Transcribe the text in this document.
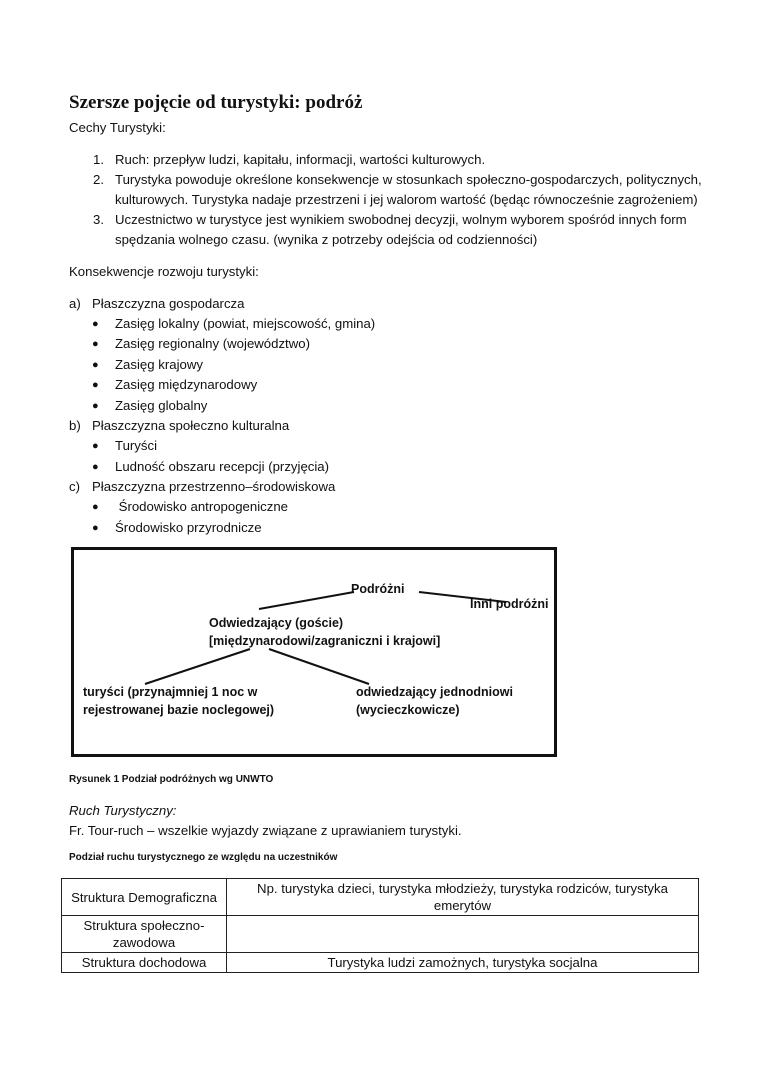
Szersze pojęcie od turystyki: podróż
Cechy Turystyki:
1. Ruch: przepływ ludzi, kapitału, informacji, wartości kulturowych.
2. Turystyka powoduje określone konsekwencje w stosunkach społeczno-gospodarczych, politycznych,
kulturowych. Turystyka nadaje przestrzeni i jej walorom wartość (będąc równocześnie zagrożeniem)
3. Uczestnictwo w turystyce jest wynikiem swobodnej decyzji, wolnym wyborem spośród innych form
spędzania wolnego czasu. (wynika z potrzeby odejścia od codzienności)
Konsekwencje rozwoju turystyki:
a) Płaszczyzna gospodarcza
● Zasięg lokalny (powiat, miejscowość, gmina)
● Zasięg regionalny (województwo)
● Zasięg krajowy
● Zasięg międzynarodowy
● Zasięg globalny
b) Płaszczyzna społeczno kulturalna
● Turyści
● Ludność obszaru recepcji (przyjęcia)
c) Płaszczyzna przestrzenno–środowiskowa
● Środowisko antropogeniczne
● Środowisko przyrodnicze
Podróżni
Inni podróżni
Odwiedzający (goście)
[międzynarodowi/zagraniczni i krajowi]
turyści (przynajmniej 1 noc w
rejestrowanej bazie noclegowej)
odwiedzający jednodniowi
(wycieczkowicze)
Rysunek 1 Podział podróżnych wg UNWTO
Ruch Turystyczny:
Fr. Tour-ruch – wszelkie wyjazdy związane z uprawianiem turystyki.
Podział ruchu turystycznego ze względu na uczestników
Struktura Demograficzna	Np. turystyka dzieci, turystyka młodzieży, turystyka rodziców, turystyka emerytów
Struktura społeczno-zawodowa	
Struktura dochodowa	Turystyka ludzi zamożnych, turystyka socjalna
